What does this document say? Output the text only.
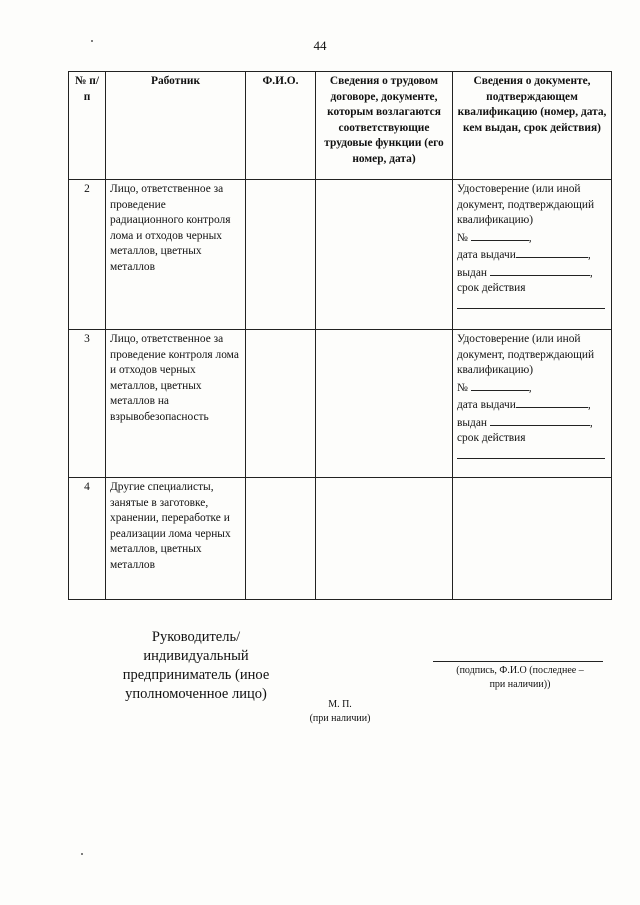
44
№ п/п	Работник	Ф.И.О.	Сведения о трудовом договоре, документе, которым возлагаются соответствующие трудовые функции (его номер, дата)	Сведения о документе, подтверждающем квалификацию (номер, дата, кем выдан, срок действия)
2	Лицо, ответственное за проведение радиационного контроля лома и отходов черных металлов, цветных металлов			Удостоверение (или иной документ, подтверждающий квалификацию)
№ ,
дата выдачи ,
выдан ,
срок действия

3	Лицо, ответственное за проведение контроля лома и отходов черных металлов, цветных металлов на взрывобезопасность			Удостоверение (или иной документ, подтверждающий квалификацию)
№ ,
дата выдачи ,
выдан ,
срок действия

4	Другие специалисты, занятые в заготовке, хранении, переработке и реализации лома черных металлов, цветных металлов			
Руководитель/
индивидуальный
предприниматель (иное
уполномоченное лицо)
(подпись, Ф.И.О (последнее –
при наличии))
М. П.
(при наличии)
